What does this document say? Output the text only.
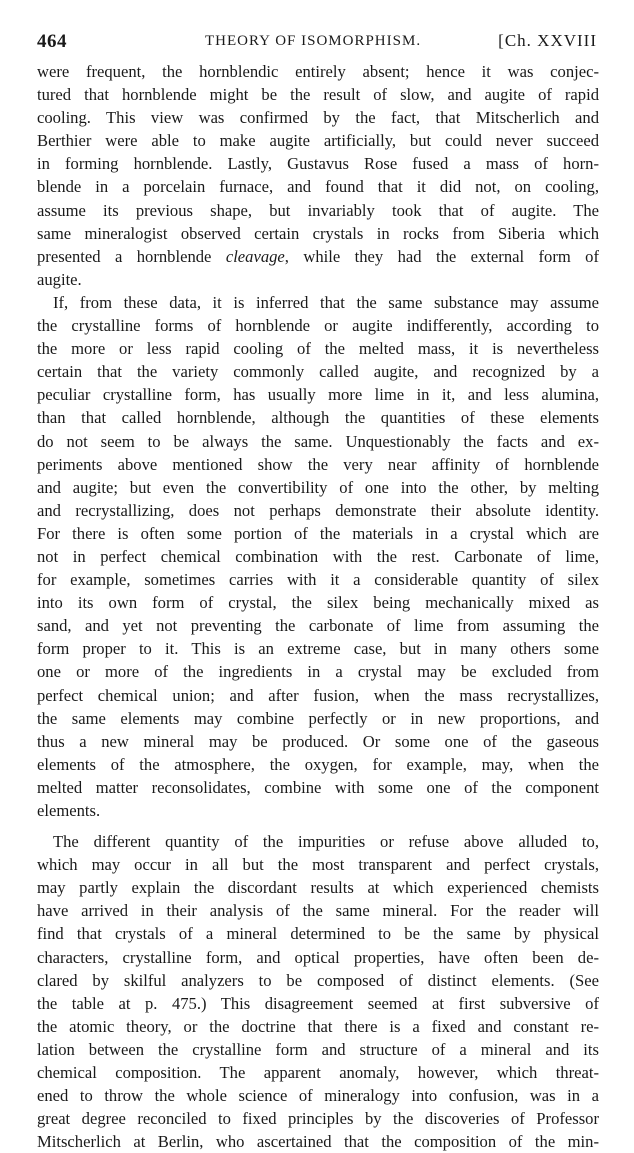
464	THEORY OF ISOMORPHISM.	[Ch. XXVIII
were frequent, the hornblendic entirely absent; hence it was conjec-
tured that hornblende might be the result of slow, and augite of rapid
cooling. This view was confirmed by the fact, that Mitscherlich and
Berthier were able to make augite artificially, but could never succeed
in forming hornblende. Lastly, Gustavus Rose fused a mass of horn-
blende in a porcelain furnace, and found that it did not, on cooling,
assume its previous shape, but invariably took that of augite. The
same mineralogist observed certain crystals in rocks from Siberia which
presented a hornblende cleavage, while they had the external form of
augite.
If, from these data, it is inferred that the same substance may assume
the crystalline forms of hornblende or augite indifferently, according to
the more or less rapid cooling of the melted mass, it is nevertheless
certain that the variety commonly called augite, and recognized by a
peculiar crystalline form, has usually more lime in it, and less alumina,
than that called hornblende, although the quantities of these elements
do not seem to be always the same. Unquestionably the facts and ex-
periments above mentioned show the very near affinity of hornblende
and augite; but even the convertibility of one into the other, by melting
and recrystallizing, does not perhaps demonstrate their absolute identity.
For there is often some portion of the materials in a crystal which are
not in perfect chemical combination with the rest. Carbonate of lime,
for example, sometimes carries with it a considerable quantity of silex
into its own form of crystal, the silex being mechanically mixed as
sand, and yet not preventing the carbonate of lime from assuming the
form proper to it. This is an extreme case, but in many others some
one or more of the ingredients in a crystal may be excluded from
perfect chemical union; and after fusion, when the mass recrystallizes,
the same elements may combine perfectly or in new proportions, and
thus a new mineral may be produced. Or some one of the gaseous
elements of the atmosphere, the oxygen, for example, may, when the
melted matter reconsolidates, combine with some one of the component
elements.
The different quantity of the impurities or refuse above alluded to,
which may occur in all but the most transparent and perfect crystals,
may partly explain the discordant results at which experienced chemists
have arrived in their analysis of the same mineral. For the reader will
find that crystals of a mineral determined to be the same by physical
characters, crystalline form, and optical properties, have often been de-
clared by skilful analyzers to be composed of distinct elements. (See
the table at p. 475.) This disagreement seemed at first subversive of
the atomic theory, or the doctrine that there is a fixed and constant re-
lation between the crystalline form and structure of a mineral and its
chemical composition. The apparent anomaly, however, which threat-
ened to throw the whole science of mineralogy into confusion, was in a
great degree reconciled to fixed principles by the discoveries of Professor
Mitscherlich at Berlin, who ascertained that the composition of the min-
